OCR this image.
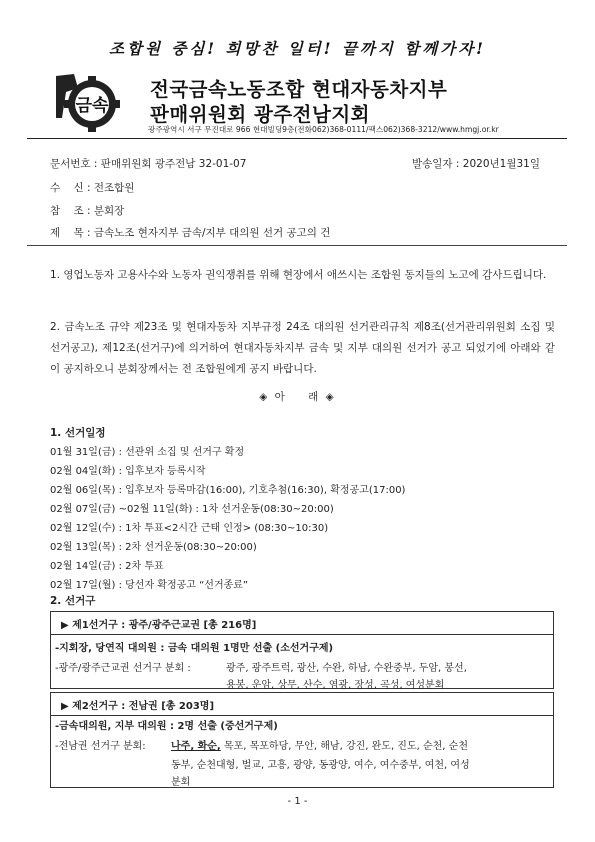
조합원 중심! 희망찬 일터! 끝까지 함께가자!
금속
전국금속노동조합 현대자동차지부
판매위원회 광주전남지회
광주광역시 서구 무진대로 966 현대빌딩9층(전화062)368-0111/팩스062)368-3212/www.hmgj.or.kr
문서번호 : 판매위원회 광주전남 32-01-07	발송일자 : 2020년1월31일
수    신 : 전조합원
참    조 : 분회장
제    목 : 금속노조 현자지부 금속/지부 대의원 선거 공고의 건
1. 영업노동자 고용사수와 노동자 권익쟁취를 위해 현장에서 애쓰시는 조합원 동지들의 노고에 감사드립니다.
2. 금속노조 규약 제23조 및 현대자동차 지부규정 24조 대의원 선거관리규칙 제8조(선거관리위원회 소집 및 선거공고), 제12조(선거구)에 의거하여 현대자동차지부 금속 및 지부 대의원 선거가 공고 되었기에 아래와 같이 공지하오니 분회장께서는 전 조합원에게 공지 바랍니다.
◈ 아    래 ◈
1. 선거일정
01월 31일(금) : 선관위 소집 및 선거구 확정
02월 04일(화) : 입후보자 등록시작
02월 06일(목) : 입후보자 등록마감(16:00), 기호추첨(16:30), 확정공고(17:00)
02월 07일(금) ~02월 11일(화) : 1차 선거운동(08:30~20:00)
02월 12일(수) : 1차 투표<2시간 근태 인정> (08:30~10:30)
02월 13일(목) : 2차 선거운동(08:30~20:00)
02월 14일(금) : 2차 투표
02월 17일(월) : 당선자 확정공고 “선거종료”
2. 선거구
▶ 제1선거구 : 광주/광주근교권 [총 216명]
-지회장, 당연직 대의원 : 금속 대의원 1명만 선출 (소선거구제)
-광주/광주근교권 선거구 분회 :	광주, 광주트럭, 광산, 수완, 하남, 수완중부, 두암, 봉선,
용봉, 운암, 상무, 산수, 염광, 장성, 곡성, 여성분회
▶ 제2선거구 : 전남권 [총 203명]
-금속대의원, 지부 대의원 : 2명 선출 (중선거구제)
-전남권 선거구 분회:	나주, 화순, 목포, 목포하당, 무안, 해남, 강진, 완도, 진도, 순천, 순천
동부, 순천대형, 벌교, 고흥, 광양, 동광양, 여수, 여수중부, 여천, 여성
분회
- 1 -
